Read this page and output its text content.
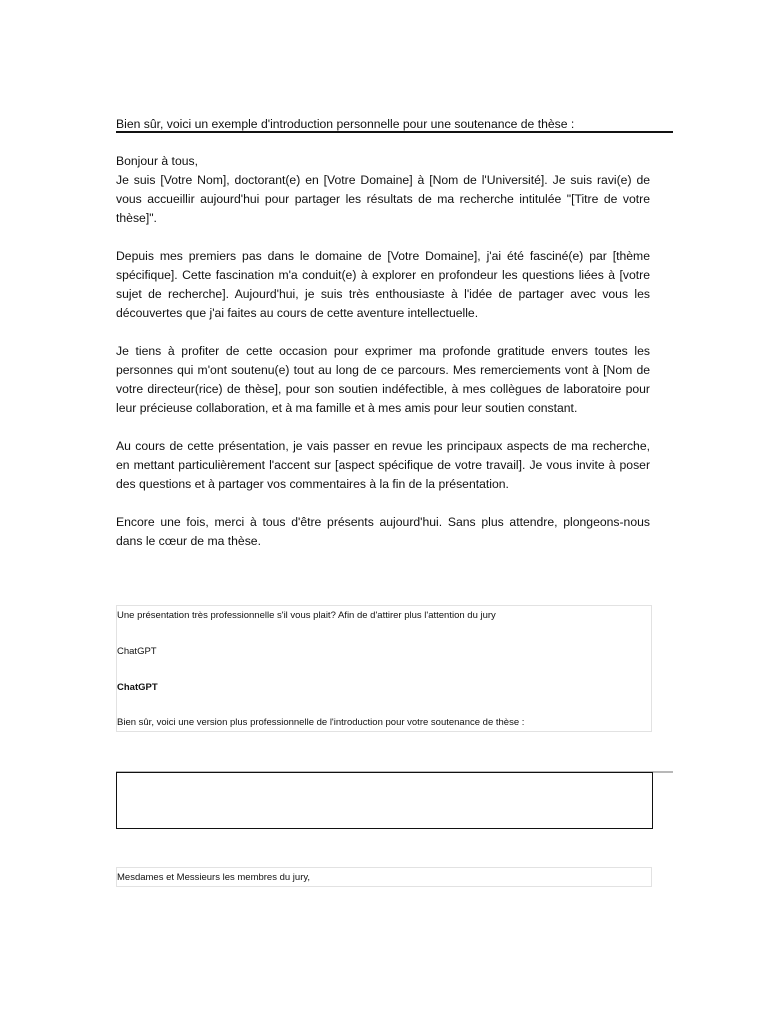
Bien sûr, voici un exemple d'introduction personnelle pour une soutenance de thèse :
Bonjour à tous,
Je suis [Votre Nom], doctorant(e) en [Votre Domaine] à [Nom de l'Université]. Je suis ravi(e) de vous accueillir aujourd'hui pour partager les résultats de ma recherche intitulée "[Titre de votre thèse]".
Depuis mes premiers pas dans le domaine de [Votre Domaine], j'ai été fasciné(e) par [thème spécifique]. Cette fascination m'a conduit(e) à explorer en profondeur les questions liées à [votre sujet de recherche]. Aujourd'hui, je suis très enthousiaste à l'idée de partager avec vous les découvertes que j'ai faites au cours de cette aventure intellectuelle.
Je tiens à profiter de cette occasion pour exprimer ma profonde gratitude envers toutes les personnes qui m'ont soutenu(e) tout au long de ce parcours. Mes remerciements vont à [Nom de votre directeur(rice) de thèse], pour son soutien indéfectible, à mes collègues de laboratoire pour leur précieuse collaboration, et à ma famille et à mes amis pour leur soutien constant.
Au cours de cette présentation, je vais passer en revue les principaux aspects de ma recherche, en mettant particulièrement l'accent sur [aspect spécifique de votre travail]. Je vous invite à poser des questions et à partager vos commentaires à la fin de la présentation.
Encore une fois, merci à tous d'être présents aujourd'hui. Sans plus attendre, plongeons-nous dans le cœur de ma thèse.
Une présentation très professionnelle s'il vous plait? Afin de d'attirer plus l'attention du jury
ChatGPT
ChatGPT
Bien sûr, voici une version plus professionnelle de l'introduction pour votre soutenance de thèse :
Mesdames et Messieurs les membres du jury,
